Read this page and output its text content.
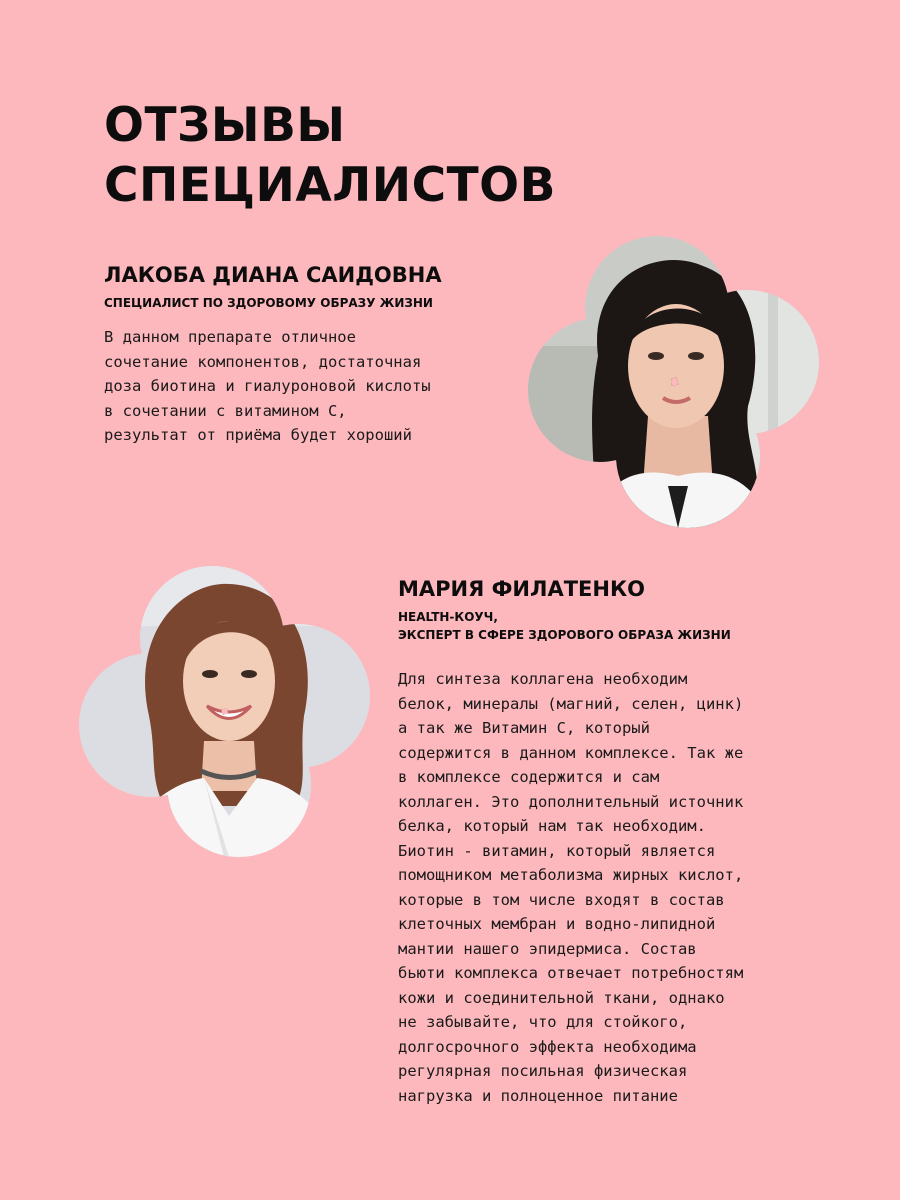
ОТЗЫВЫ
СПЕЦИАЛИСТОВ
ЛАКОБА ДИАНА САИДОВНА

СПЕЦИАЛИСТ ПО ЗДОРОВОМУ ОБРАЗУ ЖИЗНИ

В данном препарате отличное
сочетание компонентов, достаточная
доза биотина и гиалуроновой кислоты
в сочетании с витамином С,
результат от приёма будет хороший

МАРИЯ ФИЛАТЕНКО

HEALTH-КОУЧ,
ЭКСПЕРТ В СФЕРЕ ЗДОРОВОГО ОБРАЗА ЖИЗНИ

Для синтеза коллагена необходим
белок, минералы (магний, селен, цинк)
а так же Витамин С, который
содержится в данном комплексе. Так же
в комплексе содержится и сам
коллаген. Это дополнительный источник
белка, который нам так необходим.
Биотин - витамин, который является
помощником метаболизма жирных кислот,
которые в том числе входят в состав
клеточных мембран и водно-липидной
мантии нашего эпидермиса. Состав
бьюти комплекса отвечает потребностям
кожи и соединительной ткани, однако
не забывайте, что для стойкого,
долгосрочного эффекта необходима
регулярная посильная физическая
нагрузка и полноценное питание
